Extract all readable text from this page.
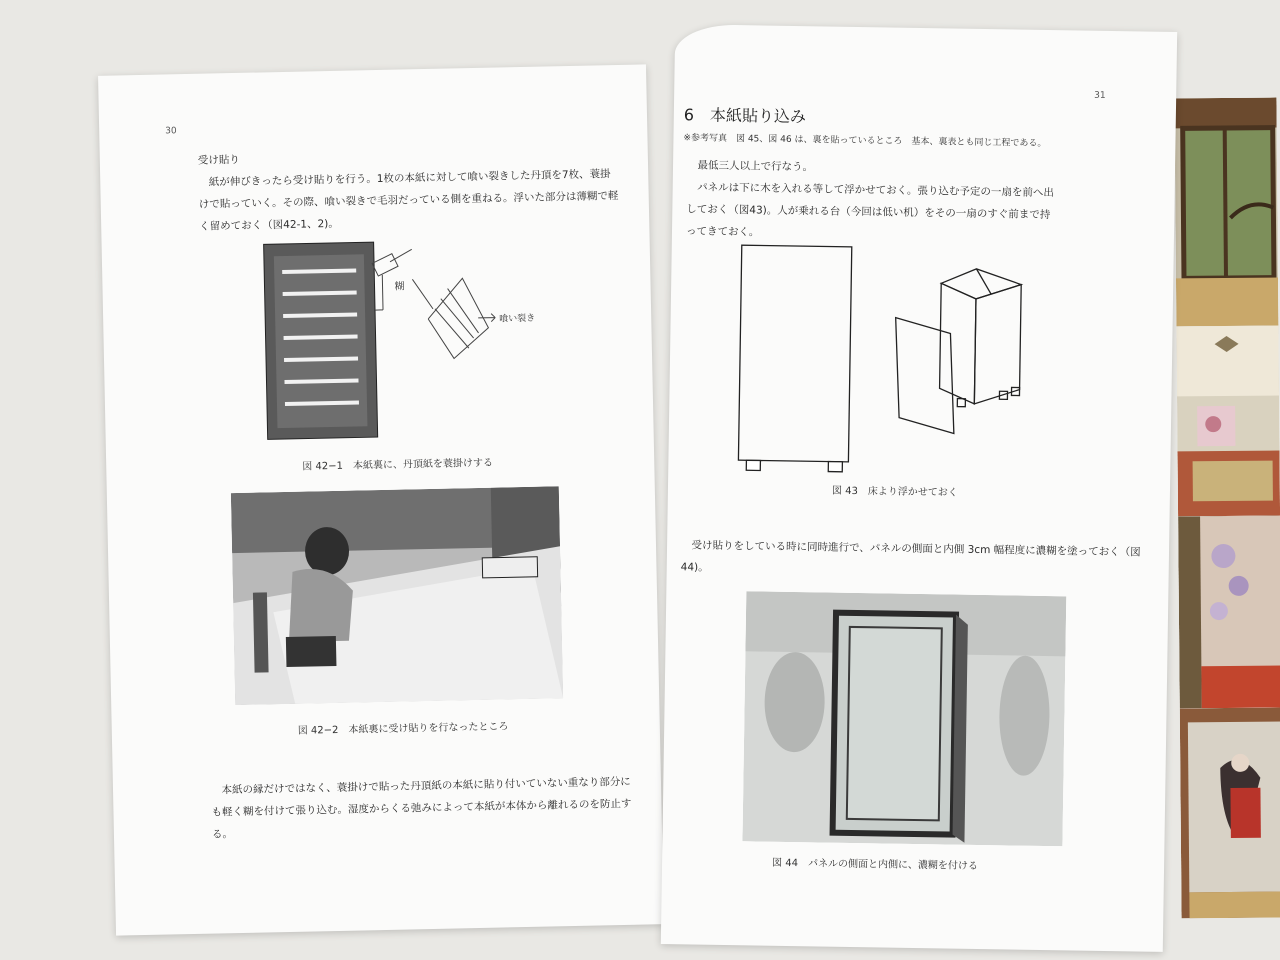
30
受け貼り
紙が伸びきったら受け貼りを行う。1枚の本紙に対して喰い裂きした丹頂を7枚、蓑掛けで貼っていく。その際、喰い裂きで毛羽だっている側を重ねる。浮いた部分は薄糊で軽く留めておく（図42-1、2)。
糊
喰い裂き
図 42−1　本紙裏に、丹頂紙を蓑掛けする
図 42−2　本紙裏に受け貼りを行なったところ
本紙の縁だけではなく、蓑掛けで貼った丹頂紙の本紙に貼り付いていない重なり部分にも軽く糊を付けて張り込む。湿度からくる弛みによって本紙が本体から離れるのを防止する。
31
6　本紙貼り込み
※参考写真　図 45、図 46 は、裏を貼っているところ　基本、裏表とも同じ工程である。
最低三人以上で行なう。
パネルは下に木を入れる等して浮かせておく。張り込む予定の一扇を前へ出しておく（図43)。人が乗れる台（今回は低い机）をその一扇のすぐ前まで持ってきておく。
図 43　床より浮かせておく
受け貼りをしている時に同時進行で、パネルの側面と内側 3cm 幅程度に濃糊を塗っておく（図 44)。
図 44　パネルの側面と内側に、濃糊を付ける
